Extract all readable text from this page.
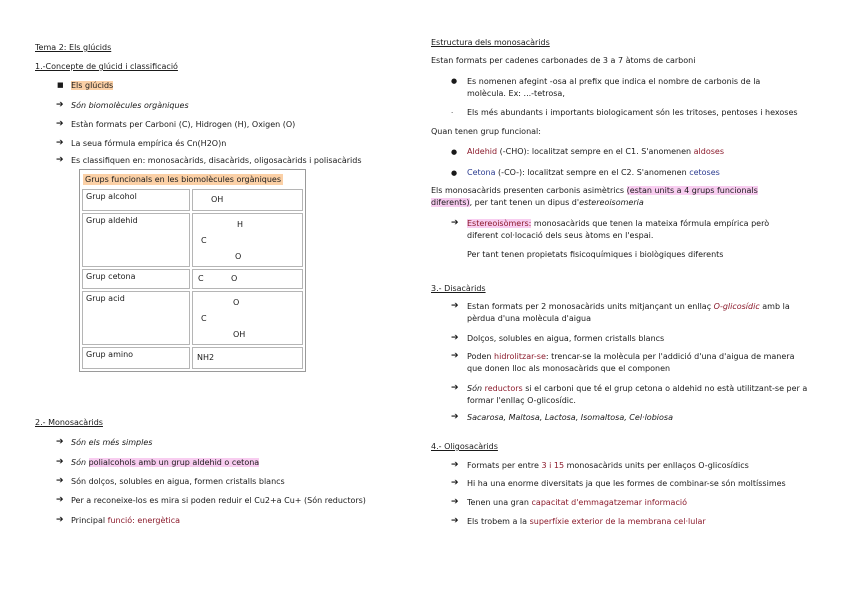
Tema 2: Els glúcids
1.-Concepte de glúcid i classificació
■ Els glúcids
➔ Són biomolècules orgàniques
➔ Estàn formats per Carboni (C), Hidrogen (H), Oxigen (O)
➔ La seua fórmula empírica és Cn(H2O)n
➔ Es classifiquen en: monosacàrids, disacàrids, oligosacàrids i polisacàrids
Grups funcionals en les biomolècules orgàniques	
Grup alcohol	OH

Grup aldehid	H
C
O

Grup cetona	C O

Grup acid	O
C
OH

Grup amino	NH2
2.- Monosacàrids
➔ Són els més simples
➔ Són polialcohols amb un grup aldehid o cetona
➔ Són dolços, solubles en aigua, formen cristalls blancs
➔ Per a reconeixe-los es mira si poden reduir el Cu2+a Cu+ (Són reductors)
➔ Principal funció: energètica
Estructura dels monosacàrids
Estan formats per cadenes carbonades de 3 a 7 àtoms de carboni
● Es nomenen afegint -osa al prefix que indica el nombre de carbonis de la molècula. Ex: ...-tetrosa,
· Els més abundants i importants biologicament són les tritoses, pentoses i hexoses
Quan tenen grup funcional:
● Aldehid (-CHO): localitzat sempre en el C1. S'anomenen aldoses
● Cetona (-CO-): localitzat sempre en el C2. S'anomenen cetoses
Els monosacàrids presenten carbonis asimètrics (estan units a 4 grups funcionals
diferents), per tant tenen un dipus d'estereoisomeria
➔ Estereoisòmers: monosacàrids que tenen la mateixa fórmula empírica però diferent col·locació dels seus àtoms en l'espai.
Per tant tenen propietats fisicoquímiques i biològiques diferents
3.- Disacàrids
➔ Estan formats per 2 monosacàrids units mitjançant un enllaç O-glicosídic amb la pèrdua d'una molècula d'aigua
➔ Dolços, solubles en aigua, formen cristalls blancs
➔ Poden hidrolitzar-se: trencar-se la molècula per l'addició d'una d'aigua de manera que donen lloc als monosacàrids que el componen
➔ Són reductors si el carboni que té el grup cetona o aldehid no està utilitzant-se per a formar l'enllaç O-glicosídic.
➔ Sacarosa, Maltosa, Lactosa, Isomaltosa, Cel·lobiosa
4.- Oligosacàrids
➔ Formats per entre 3 i 15 monosacàrids units per enllaços O-glicosídics
➔ Hi ha una enorme diversitats ja que les formes de combinar-se són moltíssimes
➔ Tenen una gran capacitat d'emmagatzemar informació
➔ Els trobem a la superfíxie exterior de la membrana cel·lular
